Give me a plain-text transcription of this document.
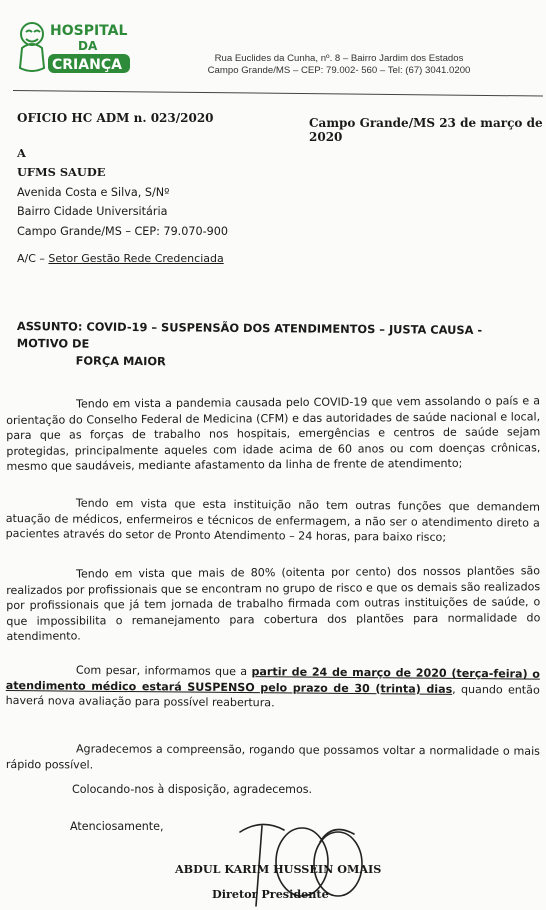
HOSPITAL
DA
CRIANÇA	Rua Euclides da Cunha, nº. 8 – Bairro Jardim dos Estados
Campo Grande/MS – CEP: 79.002- 560 – Tel: (67) 3041.0200
OFICIO HC ADM n. 023/2020	Campo Grande/MS 23 de março de 2020
A
UFMS SAUDE
Avenida Costa e Silva, S/Nº
Bairro Cidade Universitária
Campo Grande/MS – CEP: 79.070-900
A/C – Setor Gestão Rede Credenciada
ASSUNTO: COVID-19 – SUSPENSÃO DOS ATENDIMENTOS – JUSTA CAUSA - MOTIVO DE
FORÇA MAIOR
Tendo em vista a pandemia causada pelo COVID-19 que vem assolando o país e a orientação do Conselho Federal de Medicina (CFM) e das autoridades de saúde nacional e local, para que as forças de trabalho nos hospitais, emergências e centros de saúde sejam protegidas, principalmente aqueles com idade acima de 60 anos ou com doenças crônicas, mesmo que saudáveis, mediante afastamento da linha de frente de atendimento;
Tendo em vista que esta instituição não tem outras funções que demandem atuação de médicos, enfermeiros e técnicos de enfermagem, a não ser o atendimento direto a pacientes através do setor de Pronto Atendimento – 24 horas, para baixo risco;
Tendo em vista que mais de 80% (oitenta por cento) dos nossos plantões são realizados por profissionais que se encontram no grupo de risco e que os demais são realizados por profissionais que já tem jornada de trabalho firmada com outras instituições de saúde, o que impossibilita o remanejamento para cobertura dos plantões para normalidade do atendimento.
Com pesar, informamos que a partir de 24 de março de 2020 (terça-feira) o atendimento médico estará SUSPENSO pelo prazo de 30 (trinta) dias, quando então haverá nova avaliação para possível reabertura.
Agradecemos a compreensão, rogando que possamos voltar a normalidade o mais rápido possível.
Colocando-nos à disposição, agradecemos.
Atenciosamente,
ABDUL KARIM HUSSEIN OMAIS
Diretor Presidente
